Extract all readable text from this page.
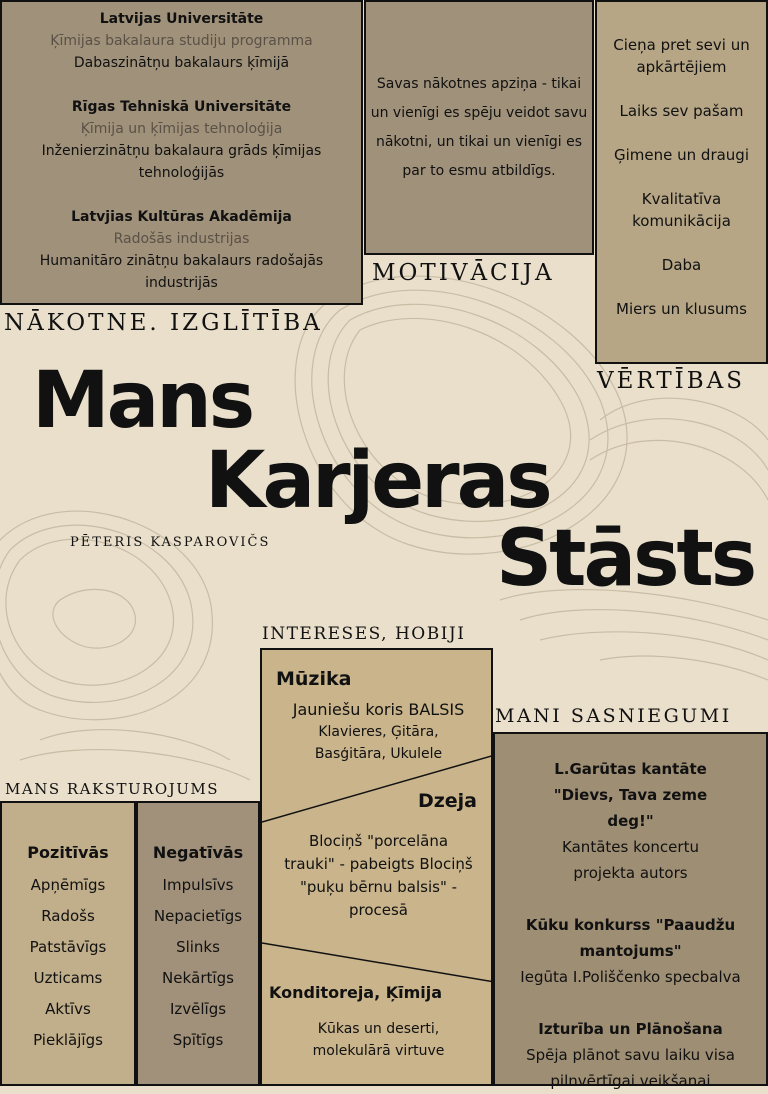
Latvijas Universitāte
Ķīmijas bakalaura studiju programma
Dabaszinātņu bakalaurs ķīmijā
Rīgas Tehniskā Universitāte
Ķīmija un ķīmijas tehnoloģija
Inženierzinātņu bakalaura grāds ķīmijas tehnoloģijās
Latvjias Kultūras Akadēmija
Radošās industrijas
Humanitāro zinātņu bakalaurs radošajās industrijās
Savas nākotnes apziņa - tikai un vienīgi es spēju veidot savu nākotni, un tikai un vienīgi es par to esmu atbildīgs.
Cieņa pret sevi un apkārtējiem
Laiks sev pašam
Ģimene un draugi
Kvalitatīva komunikācija
Daba
Miers un klusums
MOTIVĀCIJA
NĀKOTNE. IZGLĪTĪBA
VĒRTĪBAS
Mans
Karjeras
Stāsts
PĒTERIS KASPAROVIČS
INTERESES, HOBIJI
MANI SASNIEGUMI
MANS RAKSTUROJUMS
Mūzika
Jauniešu koris BALSIS
Klavieres, Ģitāra, Basģitāra, Ukulele
Dzeja
Blociņš "porcelāna trauki" - pabeigts Blociņš "puķu bērnu balsis" - procesā
Konditoreja, Ķīmija
Kūkas un deserti, molekulārā virtuve
L.Garūtas kantāte "Dievs, Tava zeme deg!"
Kantātes koncertu projekta autors
Kūku konkurss "Paaudžu mantojums"
Iegūta I.Poliščenko specbalva
Izturība un Plānošana
Spēja plānot savu laiku visa pilnvērtīgai veikšanai
Pozitīvās
Apņēmīgs
Radošs
Patstāvīgs
Uzticams
Aktīvs
Pieklājīgs
Negatīvās
Impulsīvs
Nepacietīgs
Slinks
Nekārtīgs
Izvēlīgs
Spītīgs
